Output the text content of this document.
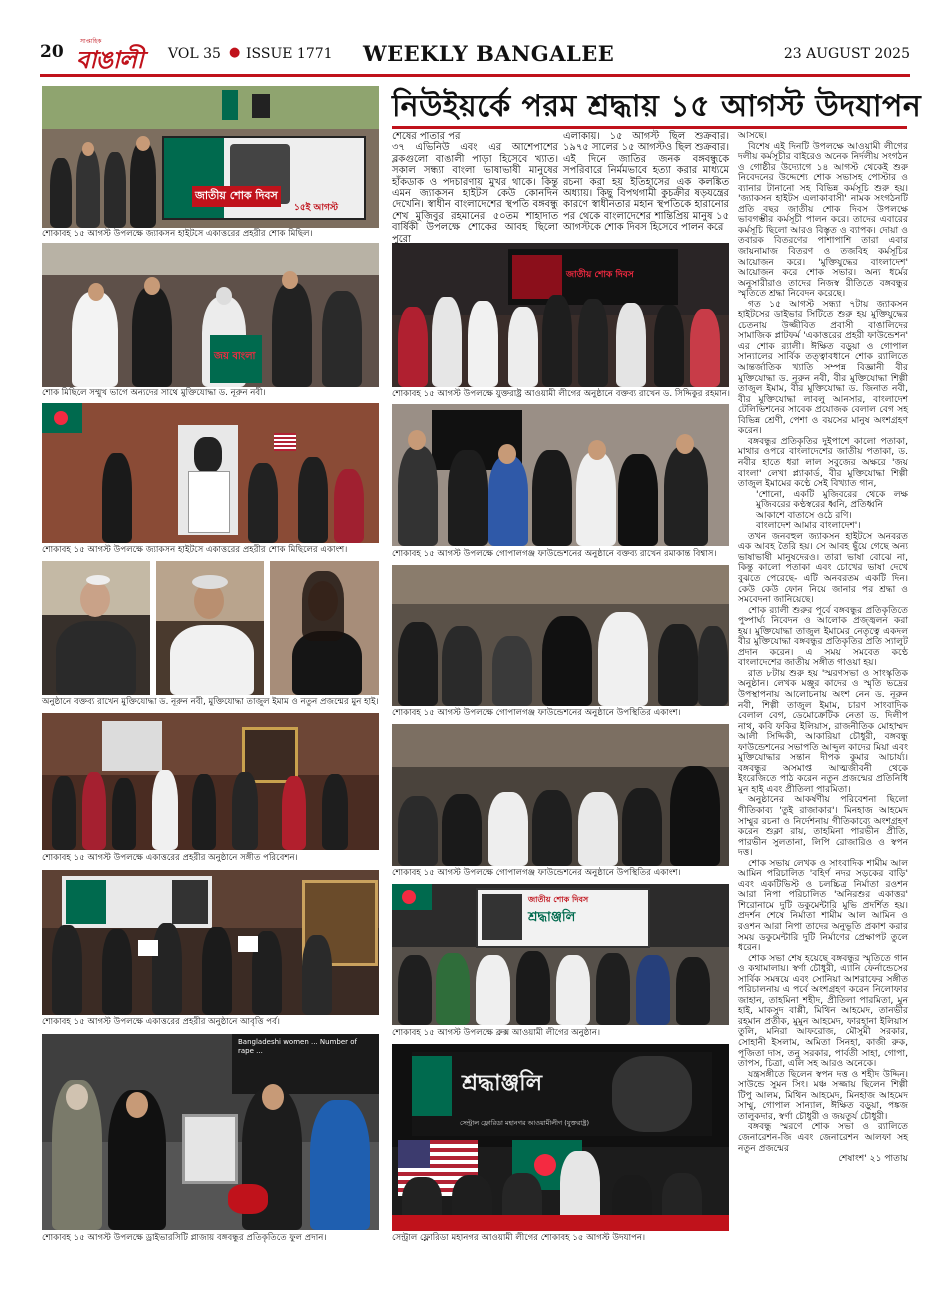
20
সাপ্তাহিক
বাঙালী VOL 35 ● ISSUE 1771 WEEKLY BANGALEE	23 AUGUST 2025
নিউইয়র্কে পরম শ্রদ্ধায় ১৫ আগস্ট উদযাপন
জাতীয় শোক দিবস
১৫ই আগস্ট
শোকাবহ ১৫ আগস্ট উপলক্ষে জ্যাকসন হাইটসে একাত্তরের প্রহরীর শোক মিছিল।
জয় বাংলা
শোক মিছিলে সম্মুখ ভাগে অন্যদের সাথে মুক্তিযোদ্ধা ড. নূরুন নবী।
শোকাবহ ১৫ আগস্ট উপলক্ষে জ্যাকসন হাইটসে একাত্তরের প্রহরীর শোক মিছিলের একাংশ।
অনুষ্ঠানে বক্তব্য রাখেন মুক্তিযোদ্ধা ড. নূরুন নবী, মুক্তিযোদ্ধা তাজুল ইমাম ও নতুন প্রজন্মের মুন হাই।
শোকাবহ ১৫ আগস্ট উপলক্ষে একাত্তরের প্রহরীর অনুষ্ঠানে সঙ্গীত পরিবেশন।
শোকাবহ ১৫ আগস্ট উপলক্ষে একাত্তরের প্রহরীর অনুষ্ঠানে আবৃত্তি পর্ব।
Bangladeshi women ... Number of rape ...
শোকাবহ ১৫ আগস্ট উপলক্ষে ড্রাইভারসিটি প্লাজায় বঙ্গবন্ধুর প্রতিকৃতিতে ফুল প্রদান।
জাতীয় শোক দিবস
শোকাবহ ১৫ আগস্ট উপলক্ষে যুক্তরাষ্ট্র আওয়ামী লীগের অনুষ্ঠানে বক্তব্য রাখেন ড. সিদ্দিকুর রহমান।
শোকাবহ ১৫ আগস্ট উপলক্ষে গোপালগঞ্জ ফাউন্ডেশনের অনুষ্ঠানে বক্তব্য রাখেন রমাকান্ত বিশ্বাস।
শোকাবহ ১৫ আগস্ট উপলক্ষে গোপালগঞ্জ ফাউন্ডেশনের অনুষ্ঠানে উপস্থিতির একাংশ।
শোকাবহ ১৫ আগস্ট উপলক্ষে গোপালগঞ্জ ফাউন্ডেশনের অনুষ্ঠানে উপস্থিতির একাংশ।
জাতীয় শোক দিবস
শ্রদ্ধাঞ্জলি
শোকাবহ ১৫ আগস্ট উপলক্ষে ব্রুক্স আওয়ামী লীগের অনুষ্ঠান।
শ্রদ্ধাঞ্জলি
সেন্ট্রাল ফ্লোরিডা মহানগর আওয়ামীলীগ (যুক্তরাষ্ট্র)
সেন্ট্রাল ফ্লোরিডা মহানগর আওয়ামী লীগের শোকাবহ ১৫ আগস্ট উদযাপন।

শেষের পাতার পর

৩৭ এভিনিউ এবং এর আশেপাশের ব্লকগুলো বাঙালী পাড়া হিসেবে খ্যাত। সকাল সন্ধ্যা বাংলা ভাষাভাষী মানুষের হাঁকডাক ও পদচারণায় মুখর থাকে। কিন্তু এমন জ্যাকসন হাইটস কেউ কোনদিন দেখেনি। স্বাধীন বাংলাদেশের স্থপতি বঙ্গবন্ধু শেখ মুজিবুর রহমানের ৫০তম শাহাদাত বার্ষিকী উপলক্ষে শোকের আবহ ছিলো পুরো

এলাকায়। ১৫ আগস্ট ছিল শুক্রবার। ১৯৭৫ সালের ১৫ আগস্টও ছিল শুক্রবার। এই দিনে জাতির জনক বঙ্গবন্ধুকে সপরিবারে নির্মমভাবে হত্যা করার মাধ্যমে রচনা করা হয় ইতিহাসের এক কলঙ্কিত অধ্যায়। কিছু বিপথগামী কুচক্রীর ষড়যন্ত্রের কারণে স্বাধীনতার মহান স্থপতিকে হারানোর পর থেকে বাংলাদেশের শান্তিপ্রিয় মানুষ ১৫ আগস্টকে শোক দিবস হিসেবে পালন করে

আসছে।

বিশেষ এই দিনটি উপলক্ষে আওয়ামী লীগের দলীয় কর্মসূচীর বাইরেও অনেক নির্দলীয় সংগঠন ও গোষ্ঠীর উদ্যোগে ১৪ আগস্ট থেকেই শুরু নিবেদনের উদ্দেশ্যে শোক সভাসহ পোস্টার ও ব্যানার টানানো সহ বিভিন্ন কর্মসূচি শুরু হয়। 'জ্যাকসন হাইটস এলাকাবাসী' নামক সংগঠনটি প্রতি বছর জাতীয় শোক দিবস উপলক্ষে ভাবগম্ভীর কর্মসূচী পালন করে। তাদের এবারের কর্মসূচি ছিলো আরও বিস্তৃত ও ব্যাপক। দোয়া ও তবারক বিতরণের পাশাপাশি তারা এবার জায়নামাজ বিতরণ ও তজবিহ কর্মসূচির আয়োজন করে। 'মুক্তিযুদ্ধের বাংলাদেশ' আয়োজন করে শোক সভার। অন্য ধর্মের অনুসারীরাও তাদের নিজস্ব রীতিতে বঙ্গবন্ধুর স্মৃতিতে শ্রদ্ধা নিবেদন করেছে।

গত ১৫ আগস্ট সন্ধ্যা ৭টায় জ্যাকসন হাইটসের ডাইভার সিটিতে শুরু হয় মুক্তিযুদ্ধের চেতনায় উজ্জীবিত প্রবাসী বাঙালিদের সামাজিক প্লাটফর্ম 'একাত্তরের প্রহরী ফাউন্ডেশন' এর শোক র‍্যালী। ঈক্ষিত বড়ুয়া ও গোপাল সান্যালের সার্বিক তত্ত্বাবধানে শোক র‍্যালিতে আন্তর্জাতিক খ্যাতি সম্পন্ন বিজ্ঞানী বীর মুক্তিযোদ্ধা ড. নূরুন নবী, বীর মুক্তিযোদ্ধা শিল্পী তাজুল ইমাম, বীর মুক্তিযোদ্ধা ড. জিনাত নবী, বীর মুক্তিযোদ্ধা লাবলু আনসার, বাংলাদেশ টেলিভিশনের সাবেক প্রযোজক বেলাল বেগ সহ বিভিন্ন শ্রেণী, পেশা ও বয়সের মানুষ অংশগ্রহণ করেন।

বঙ্গবন্ধুর প্রতিকৃতির দুইপাশে কালো পতাকা, মাথার ওপরে বাংলাদেশের জাতীয় পতাকা, ড. নবীর হাতে ধরা লাল সবুজের অক্ষরে 'জয় বাংলা' লেখা প্ল্যাকার্ড, বীর মুক্তিযোদ্ধা শিল্পী তাজুল ইমামের কণ্ঠে সেই বিখ্যাত গান,

'শোনো, একটি মুজিবরের থেকে লক্ষ মুজিবরের কণ্ঠস্বরের ধ্বনি, প্রতিধ্বনি

আকাশে বাতাসে ওঠে রণি।

বাংলাদেশ আমার বাংলাদেশ'।

তখন জনবহুল জ্যাকসন হাইটসে অনবরত এক আবহ তৈরি হয়। সে আবহ ছুঁয়ে গেছে অন্য ভাষাভাষী মানুষদেরও। তারা ভাষা বোঝে না, কিন্তু কালো পতাকা এবং চোখের ভাষা দেখে বুঝতে পেরেছে- এটি অনবরতম একটি দিন। কেউ কেউ ফোন নিয়ে জানার পর শ্রদ্ধা ও সমবেদনা জানিয়েছে।

শোক র‍্যালী শুরুর পূর্বে বঙ্গবন্ধুর প্রতিকৃতিতে পুষ্পার্ঘ্য নিবেদন ও আলোক প্রজ্জ্বলন করা হয়। মুক্তিযোদ্ধা তাজুল ইমামের নেতৃত্বে একদল বীর মুক্তিযোদ্ধা বঙ্গবন্ধুর প্রতিকৃতির প্রতি স্যালুট প্রদান করেন। এ সময় সমবেত কণ্ঠে বাংলাদেশের জাতীয় সঙ্গীত গাওয়া হয়।

রাত ৮টায় শুরু হয় 'স্মরণসভা ও সাংস্কৃতিক অনুষ্ঠান। লেখক মঞ্জুর কাদের ও স্মৃতি ভদ্রের উপস্থাপনায় আলোচনায় অংশ নেন ড. নূরুন নবী, শিল্পী তাজুল ইমাম, চারণ সাংবাদিক বেলাল বেগ, ডেমোক্রেটিক নেতা ড. দিলীপ নাথ, কবি ফকির ইলিয়াস, রাজনীতিক মোহাম্মদ আলী সিদ্দিকী, আকারিয়া চৌধুরী, বঙ্গবন্ধু ফাউন্ডেশনের সভাপতি আব্দুল কাদের মিয়া এবং মুক্তিযোদ্ধার সন্তান দীপক কুমার আচার্য্য। বঙ্গবন্ধুর অসমাপ্ত আত্মজীবনী থেকে ইংরেজিতে পাঠ করেন নতুন প্রজন্মের প্রতিনিধি মুন হাই এবং প্রীতিলা পারমিতা।

অনুষ্ঠানের আকর্ষণীয় পরিবেশনা ছিলো গীতিকাব্য 'তুই রাজাকার'। মিনহাজ আহমেদ সাম্মুর রচনা ও নির্দেশনায় গীতিকাব্যে অংশগ্রহণ করেন শুক্লা রায়, তাহমিনা পারভীন প্রীতি, পারভীন সুলতানা, লিপি রোজারিও ও স্বপন দত্ত।

শোক সভায় লেখক ও সাংবাদিক শামীম আল আমিন পরিচালিত 'বহির্ণ নদর সড়কের বাড়ি' এবং একটিভিস্ট ও চলচ্চিত্র নির্মাতা রওশন আরা নিপা পরিচালিত 'অনিরশুর একাত্তর' শিরোনামে দুটি ডকুমেন্টারি মুভি প্রদর্শিত হয়। প্রদর্শন শেষে নির্মাতা শামীম আল আমিন ও রওশন আরা নিপা তাদের অনুভূতি প্রকাশ করার সময় ডকুমেন্টারি দুটি নির্মাণের প্রেক্ষাপট তুলে ধরেন।

শোক সভা শেষ হয়েছে বঙ্গবন্ধুর স্মৃতিতে গান ও কথামালায়। স্বর্ণা চৌধুরী, এ্যানি ফের্নান্ডেসের সার্বিক সমন্বয়ে এবং সোনিয়া আশরাফের সঙ্গীত পরিচালনায় এ পর্বে অংশগ্রহণ করেন নিলোফার জাহান, তাহমিনা শহীদ, প্রীতিলা পারমিতা, মুন হাই, মাকসুদ বাপ্পী, মিথিন আহমেদ, তানভীর রহমান প্রতীক, মুমুন আহমেদ, ফারহানা ইলিয়াস তুলি, মনিরা আফরোজ, মৌসুমী সরকার, সোহানী ইসলাম, অমিতা সিনহা, কাজী রুক, পূজিতা দাস, তনু সরকার, পার্বতী সাহা, গোপা, তাপস, চিত্রা, এলি সহ আরও অনেকে।

যন্ত্রসঙ্গীতে ছিলেন স্বপন দত্ত ও শহীদ উদ্দিন। সাউন্ডে সুমন সিং। মঞ্চ সজ্জায় ছিলেন শিল্পী টিপু আলম, মিথিন আহমেদ, মিনহাজ আহমেদ সাম্মু, গোপাল সান্যাল, ঈক্ষিত বড়ুয়া, পঙ্কজ তালুকদার, স্বর্ণা চৌধুরী ও জয়তুর্য চৌধুরী।

বঙ্গবন্ধু স্মরণে শোক সভা ও র‍্যালিতে জেনারেশন-জি এবং জেনারেশন আলফা সহ নতুন প্রজন্মের

শেষাংশ' ২১ পাতায়
